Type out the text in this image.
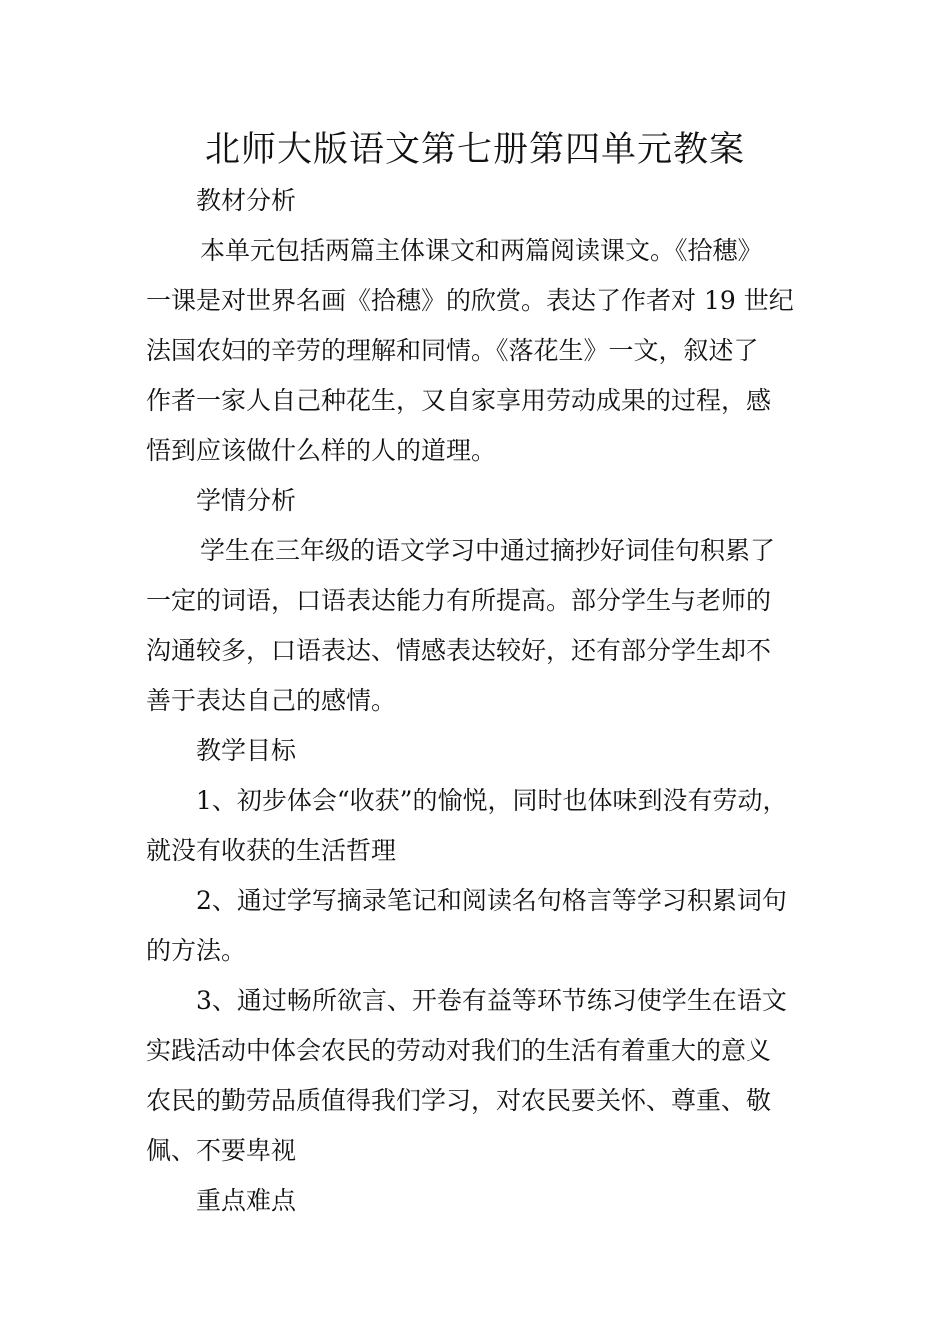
北师大版语文第七册第四单元教案
教材分析
本单元包括两篇主体课文和两篇阅读课文。《拾穗》
一课是对世界名画《拾穗》的欣赏。表达了作者对 19 世纪
法国农妇的辛劳的理解和同情。《落花生》一文，叙述了
作者一家人自己种花生，又自家享用劳动成果的过程，感
悟到应该做什么样的人的道理。
学情分析
学生在三年级的语文学习中通过摘抄好词佳句积累了
一定的词语，口语表达能力有所提高。部分学生与老师的
沟通较多，口语表达、情感表达较好，还有部分学生却不
善于表达自己的感情。
教学目标
1、初步体会“收获”的愉悦，同时也体味到没有劳动，
就没有收获的生活哲理
2、通过学写摘录笔记和阅读名句格言等学习积累词句
的方法。
3、通过畅所欲言、开卷有益等环节练习使学生在语文
实践活动中体会农民的劳动对我们的生活有着重大的意义
农民的勤劳品质值得我们学习，对农民要关怀、尊重、敬
佩、不要卑视
重点难点
